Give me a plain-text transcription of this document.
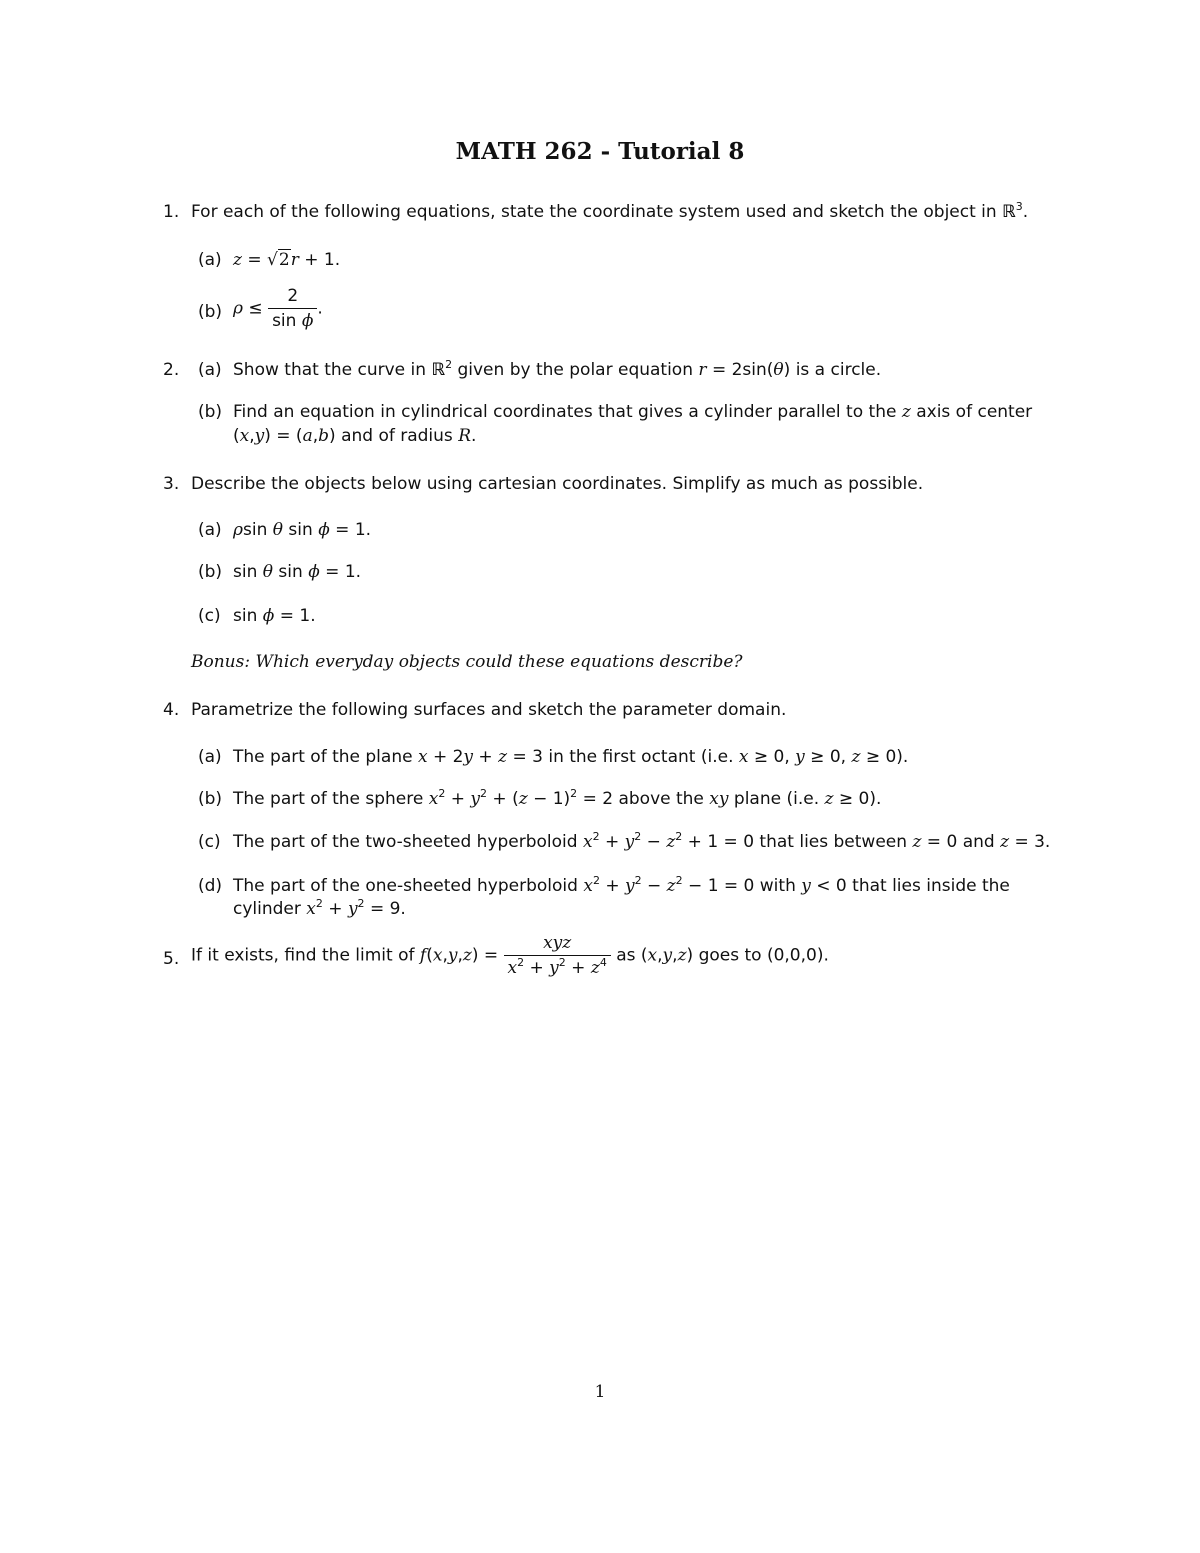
MATH 262 - Tutorial 8
1. For each of the following equations, state the coordinate system used and sketch the object in ℝ$^3$.
(a) z = √2r + 1.
(b) $\rho \le \frac{2}{\text{sin ϕ}}$ .
2. (a) Show that the curve in ℝ$^2$ given by the polar equation r = 2sin(θ) is a circle.
(b) Find an equation in cylindrical coordinates that gives a cylinder parallel to the z axis of center
(x,y) = (a,b) and of radius R.
3. Describe the objects below using cartesian coordinates. Simplify as much as possible.
(a) ρsin θ sin ϕ = 1.
(b) sin θ sin ϕ = 1.
(c) sin ϕ = 1.
Bonus: Which everyday objects could these equations describe?
4. Parametrize the following surfaces and sketch the parameter domain.
(a) The part of the plane x + 2y + z = 3 in the first octant (i.e. x ≥ 0, y ≥ 0, z ≥ 0).
(b) The part of the sphere $x^2 + y^2 + (z - 1)^2 = 2$ above the xy plane (i.e. z ≥ 0).
(c) The part of the two-sheeted hyperboloid $x^2 + y^2 - z^2 + 1 = 0$ that lies between z = 0 and z = 3.
(d) The part of the one-sheeted hyperboloid $x^2 + y^2 - z^2 - 1 = 0$ with y < 0 that lies inside the
cylinder $x^2 + y^2 = 9$.
5. If it exists, find the limit of $f(x,y,z) = \frac{\text{xyz}}{x^2 + y^2 + z^4}$ as (x,y,z) goes to (0,0,0).
1
